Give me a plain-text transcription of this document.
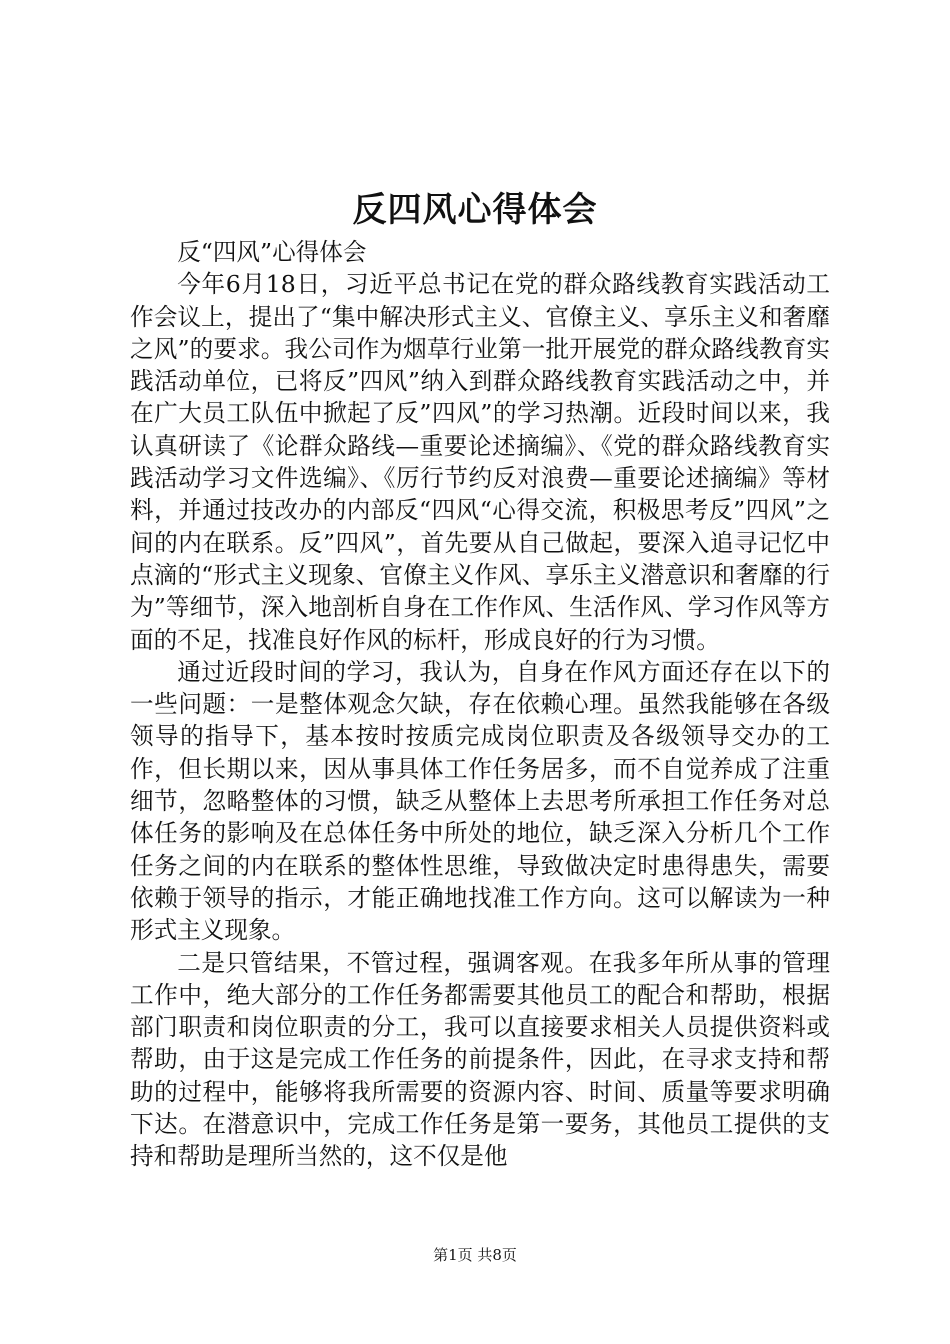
反四风心得体会

反“四风”心得体会

今年6月18日，习近平总书记在党的群众路线教育实践活动工作会议上，提出了“集中解决形式主义、官僚主义、享乐主义和奢靡之风”的要求。我公司作为烟草行业第一批开展党的群众路线教育实践活动单位，已将反”四风”纳入到群众路线教育实践活动之中，并在广大员工队伍中掀起了反”四风”的学习热潮。近段时间以来，我认真研读了《论群众路线—重要论述摘编》、《党的群众路线教育实践活动学习文件选编》、《厉行节约反对浪费—重要论述摘编》等材料，并通过技改办的内部反“四风“心得交流，积极思考反”四风”之间的内在联系。反”四风”，首先要从自己做起，要深入追寻记忆中点滴的“形式主义现象、官僚主义作风、享乐主义潜意识和奢靡的行为”等细节，深入地剖析自身在工作作风、生活作风、学习作风等方面的不足，找准良好作风的标杆，形成良好的行为习惯。

通过近段时间的学习，我认为，自身在作风方面还存在以下的一些问题：一是整体观念欠缺，存在依赖心理。虽然我能够在各级领导的指导下，基本按时按质完成岗位职责及各级领导交办的工作，但长期以来，因从事具体工作任务居多，而不自觉养成了注重细节，忽略整体的习惯，缺乏从整体上去思考所承担工作任务对总体任务的影响及在总体任务中所处的地位，缺乏深入分析几个工作任务之间的内在联系的整体性思维，导致做决定时患得患失，需要依赖于领导的指示，才能正确地找准工作方向。这可以解读为一种形式主义现象。

二是只管结果，不管过程，强调客观。在我多年所从事的管理工作中，绝大部分的工作任务都需要其他员工的配合和帮助，根据部门职责和岗位职责的分工，我可以直接要求相关人员提供资料或帮助，由于这是完成工作任务的前提条件，因此，在寻求支持和帮助的过程中，能够将我所需要的资源内容、时间、质量等要求明确下达。在潜意识中，完成工作任务是第一要务，其他员工提供的支持和帮助是理所当然的，这不仅是他

第1页 共8页
